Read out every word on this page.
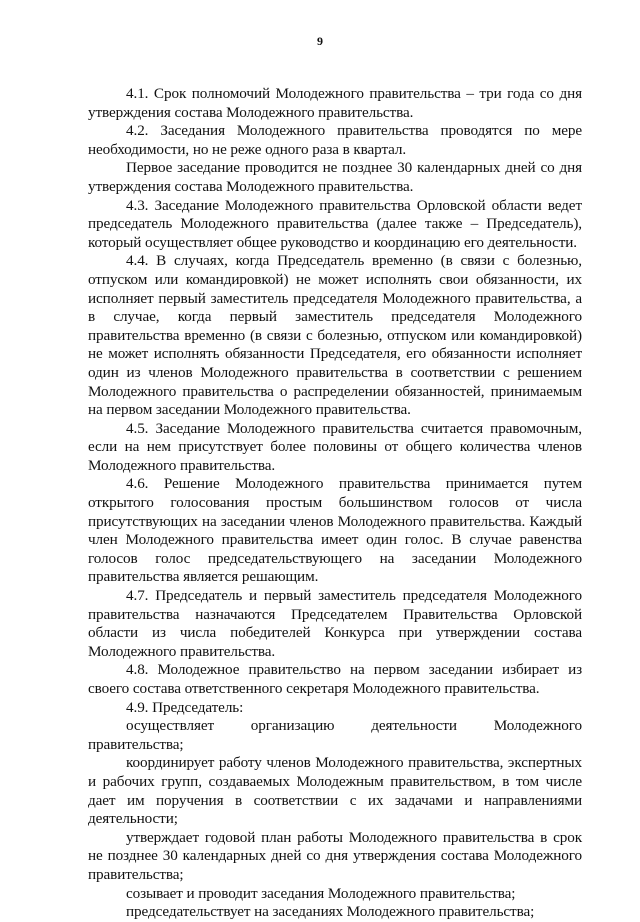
9

4.1. Срок полномочий Молодежного правительства – три года со дня утверждения состава Молодежного правительства.

4.2. Заседания Молодежного правительства проводятся по мере необходимости, но не реже одного раза в квартал.

Первое заседание проводится не позднее 30 календарных дней со дня утверждения состава Молодежного правительства.

4.3. Заседание Молодежного правительства Орловской области ведет председатель Молодежного правительства (далее также – Председатель), который осуществляет общее руководство и координацию его деятельности.

4.4. В случаях, когда Председатель временно (в связи с болезнью, отпуском или командировкой) не может исполнять свои обязанности, их исполняет первый заместитель председателя Молодежного правительства, а в случае, когда первый заместитель председателя Молодежного правительства временно (в связи с болезнью, отпуском или командировкой) не может исполнять обязанности Председателя, его обязанности исполняет один из членов Молодежного правительства в соответствии с решением Молодежного правительства о распределении обязанностей, принимаемым на первом заседании Молодежного правительства.

4.5. Заседание Молодежного правительства считается правомочным, если на нем присутствует более половины от общего количества членов Молодежного правительства.

4.6. Решение Молодежного правительства принимается путем открытого голосования простым большинством голосов от числа присутствующих на заседании членов Молодежного правительства. Каждый член Молодежного правительства имеет один голос. В случае равенства голосов голос председательствующего на заседании Молодежного правительства является решающим.

4.7. Председатель и первый заместитель председателя Молодежного правительства назначаются Председателем Правительства Орловской области из числа победителей Конкурса при утверждении состава Молодежного правительства.

4.8. Молодежное правительство на первом заседании избирает из своего состава ответственного секретаря Молодежного правительства.

4.9. Председатель:

осуществляет организацию деятельности Молодежного правительства;

координирует работу членов Молодежного правительства, экспертных и рабочих групп, создаваемых Молодежным правительством, в том числе дает им поручения в соответствии с их задачами и направлениями деятельности;

утверждает годовой план работы Молодежного правительства в срок не позднее 30 календарных дней со дня утверждения состава Молодежного правительства;

созывает и проводит заседания Молодежного правительства;

председательствует на заседаниях Молодежного правительства;
